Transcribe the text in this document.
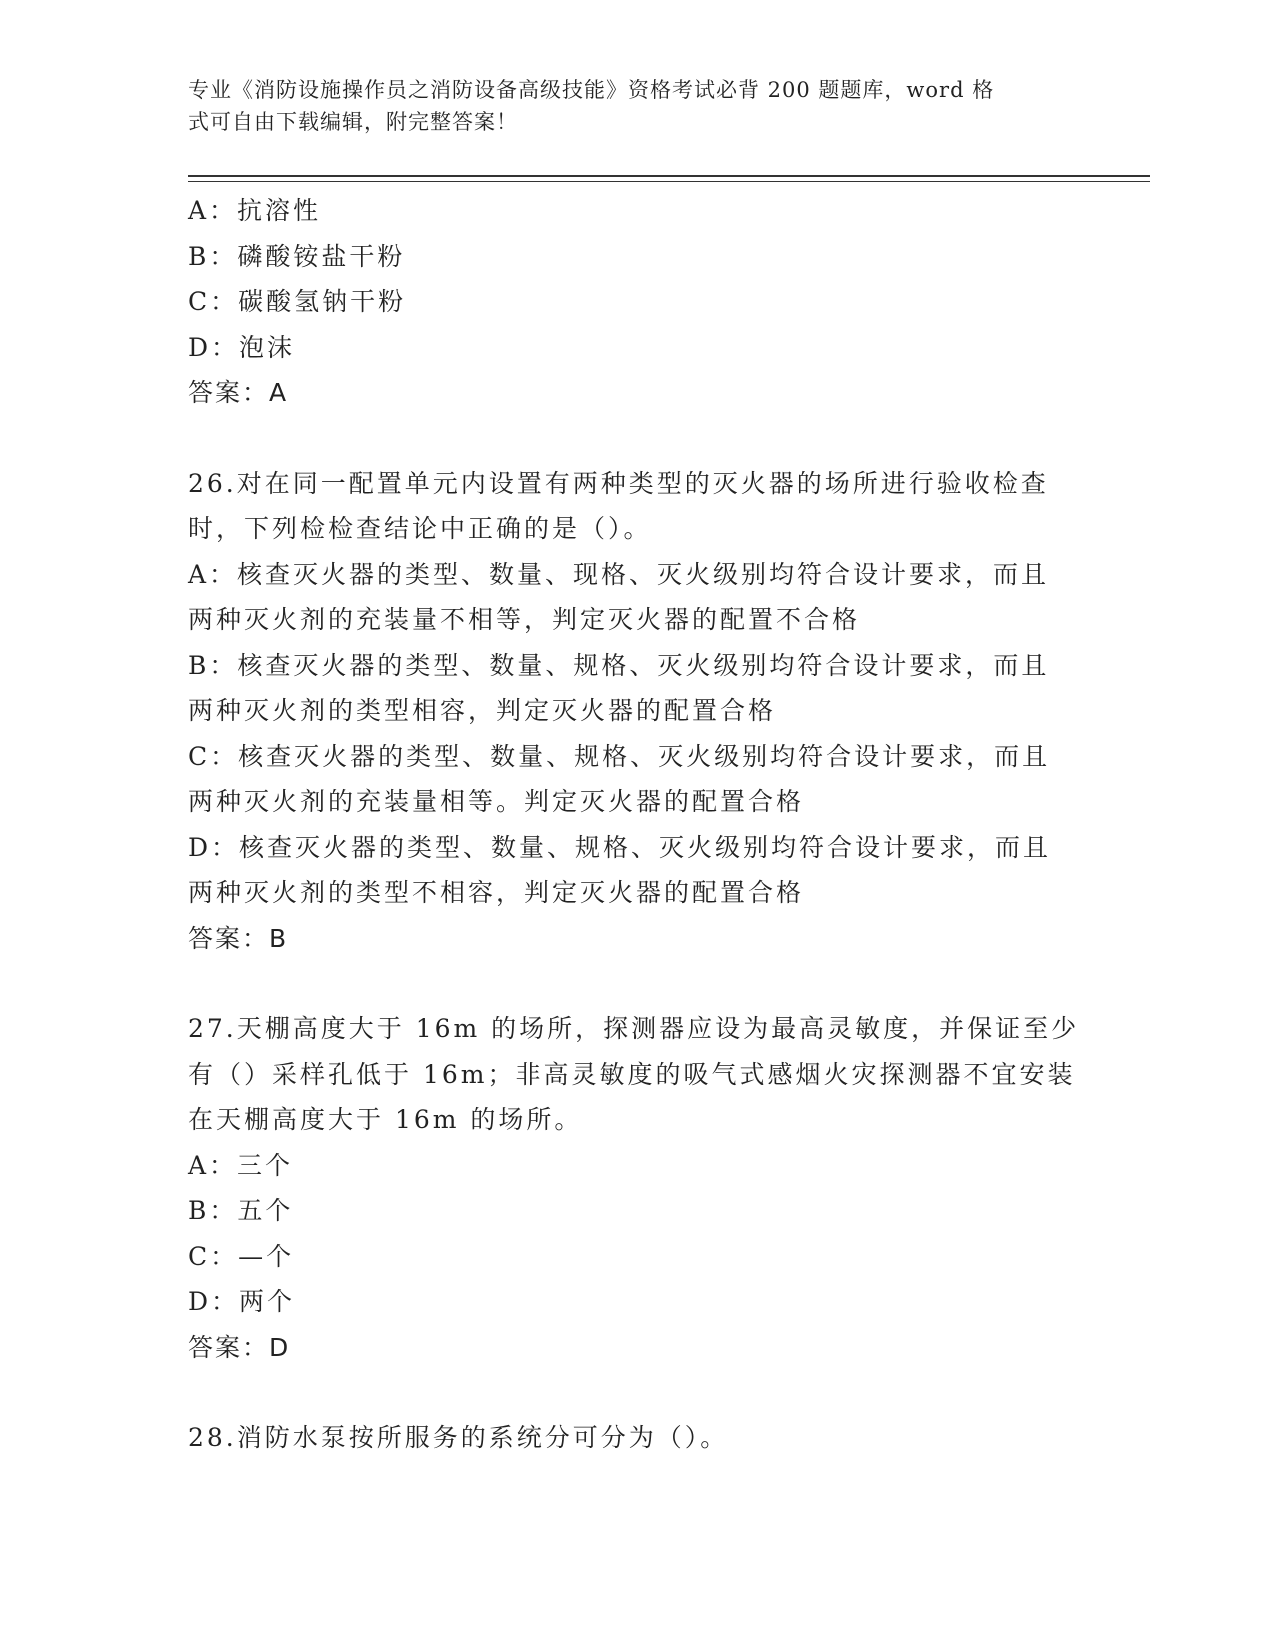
专业《消防设施操作员之消防设备高级技能》资格考试必背 200 题题库，word 格

式可自由下载编辑，附完整答案！

A：抗溶性

B：磷酸铵盐干粉

C：碳酸氢钠干粉

D：泡沫

答案：A

26.对在同一配置单元内设置有两种类型的灭火器的场所进行验收检查

时，下列检检查结论中正确的是（）。

A：核查灭火器的类型、数量、现格、灭火级别均符合设计要求，而且

两种灭火剂的充装量不相等，判定灭火器的配置不合格

B：核查灭火器的类型、数量、规格、灭火级别均符合设计要求，而且

两种灭火剂的类型相容，判定灭火器的配置合格

C：核查灭火器的类型、数量、规格、灭火级别均符合设计要求，而且

两种灭火剂的充装量相等。判定灭火器的配置合格

D：核查灭火器的类型、数量、规格、灭火级别均符合设计要求，而且

两种灭火剂的类型不相容，判定灭火器的配置合格

答案：B

27.天棚高度大于 16m 的场所，探测器应设为最高灵敏度，并保证至少

有（）采样孔低于 16m；非高灵敏度的吸气式感烟火灾探测器不宜安装

在天棚高度大于 16m 的场所。

A：三个

B：五个

C：—个

D：两个

答案：D

28.消防水泵按所服务的系统分可分为（）。
